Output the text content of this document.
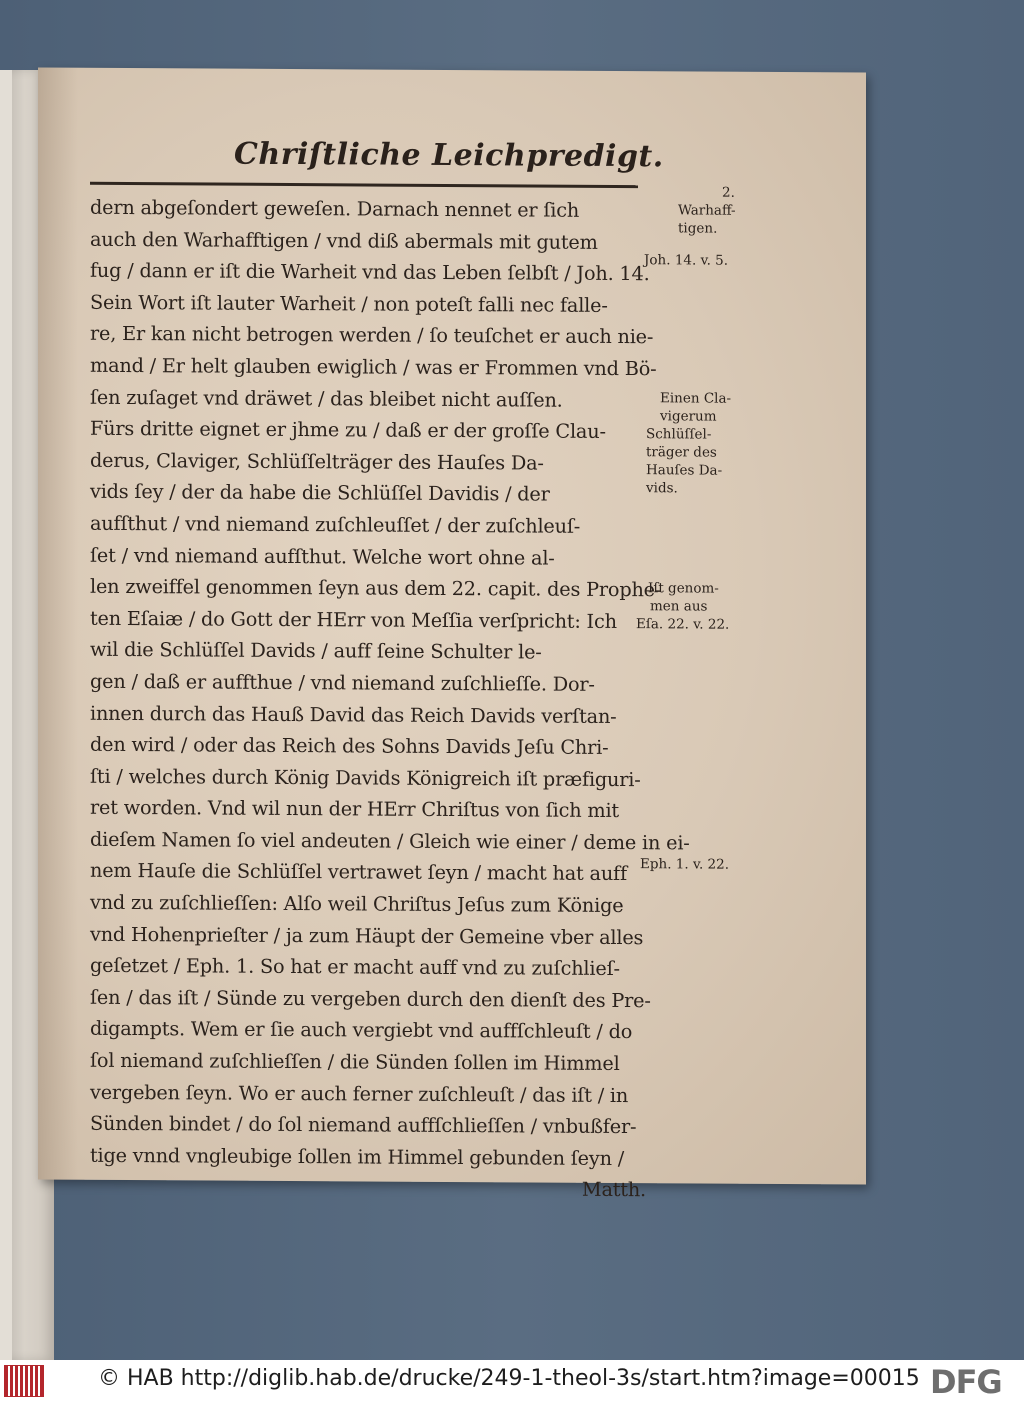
Chriſtliche Leichpredigt.
dern abgeſondert geweſen. Darnach nennet er ſich
auch den Warhafftigen / vnd diß abermals mit gutem
fug / dann er iſt die Warheit vnd das Leben ſelbſt / Joh. 14.
Sein Wort iſt lauter Warheit / non poteſt falli nec falle-
re, Er kan nicht betrogen werden / ſo teuſchet er auch nie-
mand / Er helt glauben ewiglich / was er Frommen vnd Bö-
ſen zuſaget vnd dräwet / das bleibet nicht auſſen.
Fürs dritte eignet er jhme zu / daß er der groſſe Clau-
derus, Claviger, Schlüſſelträger des Hauſes Da-
vids ſey / der da habe die Schlüſſel Davidis / der
aufſthut / vnd niemand zuſchleuſſet / der zuſchleuſ-
ſet / vnd niemand aufſthut. Welche wort ohne al-
len zweiffel genommen ſeyn aus dem 22. capit. des Prophe-
ten Eſaiæ / do Gott der HErr von Meſſia verſpricht: Ich
wil die Schlüſſel Davids / auff ſeine Schulter le-
gen / daß er auffthue / vnd niemand zuſchlieſſe. Dor-
innen durch das Hauß David das Reich Davids verſtan-
den wird / oder das Reich des Sohns Davids Jeſu Chri-
ſti / welches durch König Davids Königreich iſt præfiguri-
ret worden. Vnd wil nun der HErr Chriſtus von ſich mit
dieſem Namen ſo viel andeuten / Gleich wie einer / deme in ei-
nem Hauſe die Schlüſſel vertrawet ſeyn / macht hat auff
vnd zu zuſchlieſſen: Alſo weil Chriſtus Jeſus zum Könige
vnd Hohenprieſter / ja zum Häupt der Gemeine vber alles
geſetzet / Eph. 1. So hat er macht auff vnd zu zuſchlieſ-
ſen / das iſt / Sünde zu vergeben durch den dienſt des Pre-
digampts. Wem er ſie auch vergiebt vnd auffſchleuſt / do
ſol niemand zuſchlieſſen / die Sünden ſollen im Himmel
vergeben ſeyn. Wo er auch ferner zuſchleuſt / das iſt / in
Sünden bindet / do ſol niemand auffſchlieſſen / vnbußfer-
tige vnnd vngleubige ſollen im Himmel gebunden ſeyn /
Matth.
2.
Warhaff-
tigen.
Joh. 14. v. 5.
Einen Cla-
vigerum
Schlüſſel-
träger des
Hauſes Da-
vids.
Iſt genom-
men aus
Eſa. 22. v. 22.
Eph. 1. v. 22.
© HAB http://diglib.hab.de/drucke/249-1-theol-3s/start.htm?image=00015 DFG
